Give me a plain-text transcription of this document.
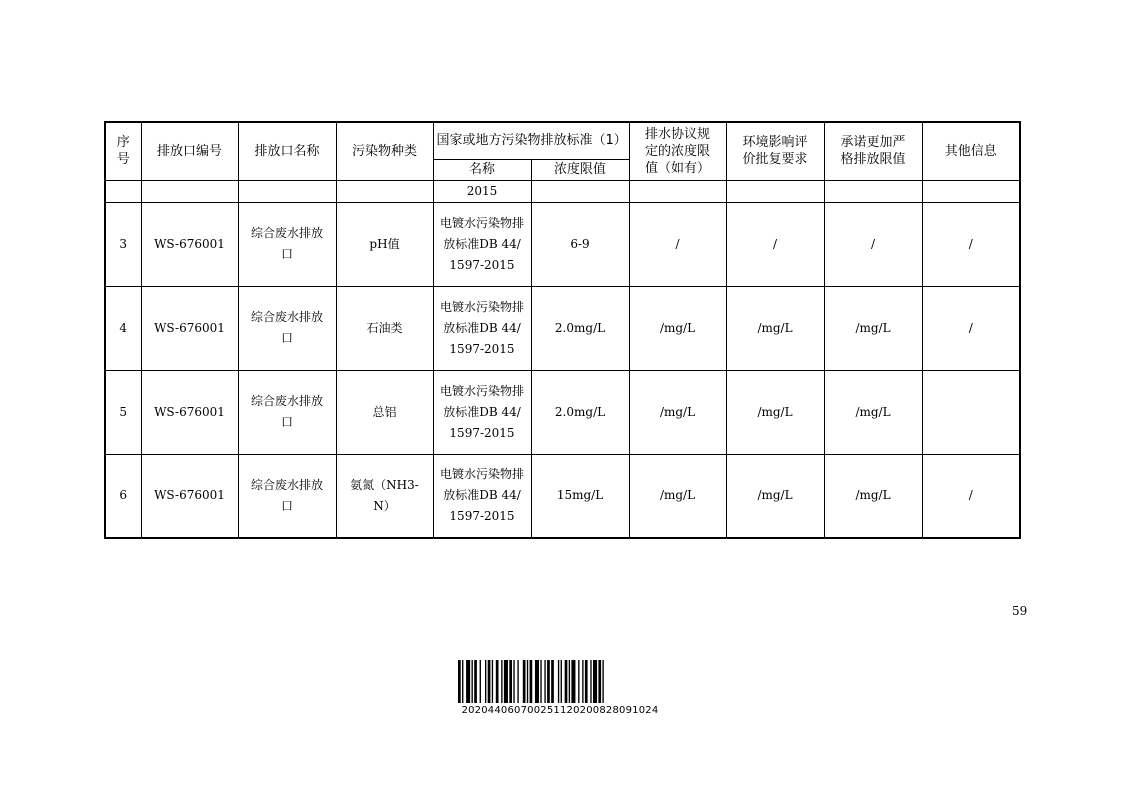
序号	排放口编号	排放口名称	污染物种类	国家或地方污染物排放标准（1）		排水协议规定的浓度限值（如有）	环境影响评价批复要求	承诺更加严格排放限值	其他信息
				名称	浓度限值				
				2015					
3	WS-676001	综合废水排放口	pH值	电镀水污染物排放标准DB 44/1597-2015	6-9	/	/	/	/
4	WS-676001	综合废水排放口	石油类	电镀水污染物排放标准DB 44/1597-2015	2.0mg/L	/mg/L	/mg/L	/mg/L	/
5	WS-676001	综合废水排放口	总铝	电镀水污染物排放标准DB 44/1597-2015	2.0mg/L	/mg/L	/mg/L	/mg/L	
6	WS-676001	综合废水排放口	氨氮（NH3-N）	电镀水污染物排放标准DB 44/1597-2015	15mg/L	/mg/L	/mg/L	/mg/L	/
59
20204406070025112020082809​1024
